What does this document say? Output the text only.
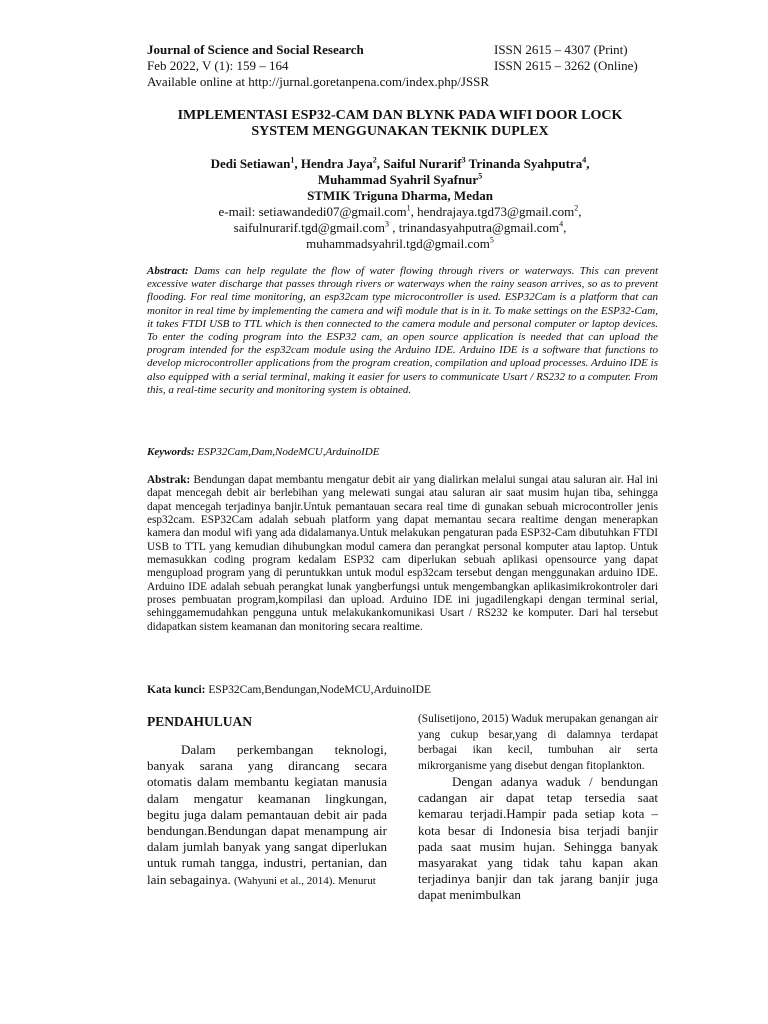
Journal of Science and Social Research
Feb 2022, V (1): 159 – 164
Available online at http://jurnal.goretanpena.com/index.php/JSSR
ISSN 2615 – 4307 (Print)
ISSN 2615 – 3262 (Online)
IMPLEMENTASI ESP32-CAM DAN BLYNK PADA WIFI DOOR LOCK
SYSTEM MENGGUNAKAN TEKNIK DUPLEX
Dedi Setiawan$^1$, Hendra Jaya$^2$, Saiful Nurarif$^3$ Trinanda Syahputra$^4$,
Muhammad Syahril Syafnur$^5$
STMIK Triguna Dharma, Medan
e-mail: setiawandedi07@gmail.com$^1$, hendrajaya.tgd73@gmail.com$^2$,
saifulnurarif.tgd@gmail.com$^3$ , trinandasyahputra@gmail.com$^4$,
muhammadsyahril.tgd@gmail.com$^5$
Abstract: Dams can help regulate the flow of water flowing through rivers or waterways. This can prevent excessive water discharge that passes through rivers or waterways when the rainy season arrives, so as to prevent flooding. For real time monitoring, an esp32cam type microcontroller is used. ESP32Cam is a platform that can monitor in real time by implementing the camera and wifi module that is in it. To make settings on the ESP32-Cam, it takes FTDI USB to TTL which is then connected to the camera module and personal computer or laptop devices. To enter the coding program into the ESP32 cam, an open source application is needed that can upload the program intended for the esp32cam module using the Arduino IDE. Arduino IDE is a software that functions to develop microcontroller applications from the program creation, compilation and upload processes. Arduino IDE is also equipped with a serial terminal, making it easier for users to communicate Usart / RS232 to a computer. From this, a real-time security and monitoring system is obtained.
Keywords: ESP32Cam,Dam,NodeMCU,ArduinoIDE
Abstrak: Bendungan dapat membantu mengatur debit air yang dialirkan melalui sungai atau saluran air. Hal ini dapat mencegah debit air berlebihan yang melewati sungai atau saluran air saat musim hujan tiba, sehingga dapat mencegah terjadinya banjir.Untuk pemantauan secara real time di gunakan sebuah microcontroller jenis esp32cam. ESP32Cam adalah sebuah platform yang dapat memantau secara realtime dengan menerapkan kamera dan modul wifi yang ada didalamanya.Untuk melakukan pengaturan pada ESP32-Cam dibutuhkan FTDI USB to TTL yang kemudian dihubungkan modul camera dan perangkat personal komputer atau laptop. Untuk memasukkan coding program kedalam ESP32 cam diperlukan sebuah aplikasi opensource yang dapat mengupload program yang di peruntukkan untuk modul esp32cam tersebut dengan menggunakan arduino IDE. Arduino IDE adalah sebuah perangkat lunak yangberfungsi untuk mengembangkan aplikasimikrokontroler dari proses pembuatan program,kompilasi dan upload. Arduino IDE ini jugadilengkapi dengan terminal serial, sehinggamemudahkan pengguna untuk melakukankomunikasi Usart / RS232 ke komputer. Dari hal tersebut didapatkan sistem keamanan dan monitoring secara realtime.
Kata kunci: ESP32Cam,Bendungan,NodeMCU,ArduinoIDE
PENDAHULUAN
Dalam perkembangan teknologi, banyak sarana yang dirancang secara otomatis dalam membantu kegiatan manusia dalam mengatur keamanan lingkungan, begitu juga dalam pemantauan debit air pada bendungan.Bendungan dapat menampung air dalam jumlah banyak yang sangat diperlukan untuk rumah tangga, industri, pertanian, dan lain sebagainya. (Wahyuni et al., 2014). Menurut
(Sulisetijono, 2015) Waduk merupakan genangan air yang cukup besar,yang di dalamnya terdapat berbagai ikan kecil, tumbuhan air serta mikrorganisme yang disebut dengan fitoplankton.
Dengan adanya waduk / bendungan cadangan air dapat tetap tersedia saat kemarau terjadi.Hampir pada setiap kota – kota besar di Indonesia bisa terjadi banjir pada saat musim hujan. Sehingga banyak masyarakat yang tidak tahu kapan akan terjadinya banjir dan tak jarang banjir juga dapat menimbulkan
